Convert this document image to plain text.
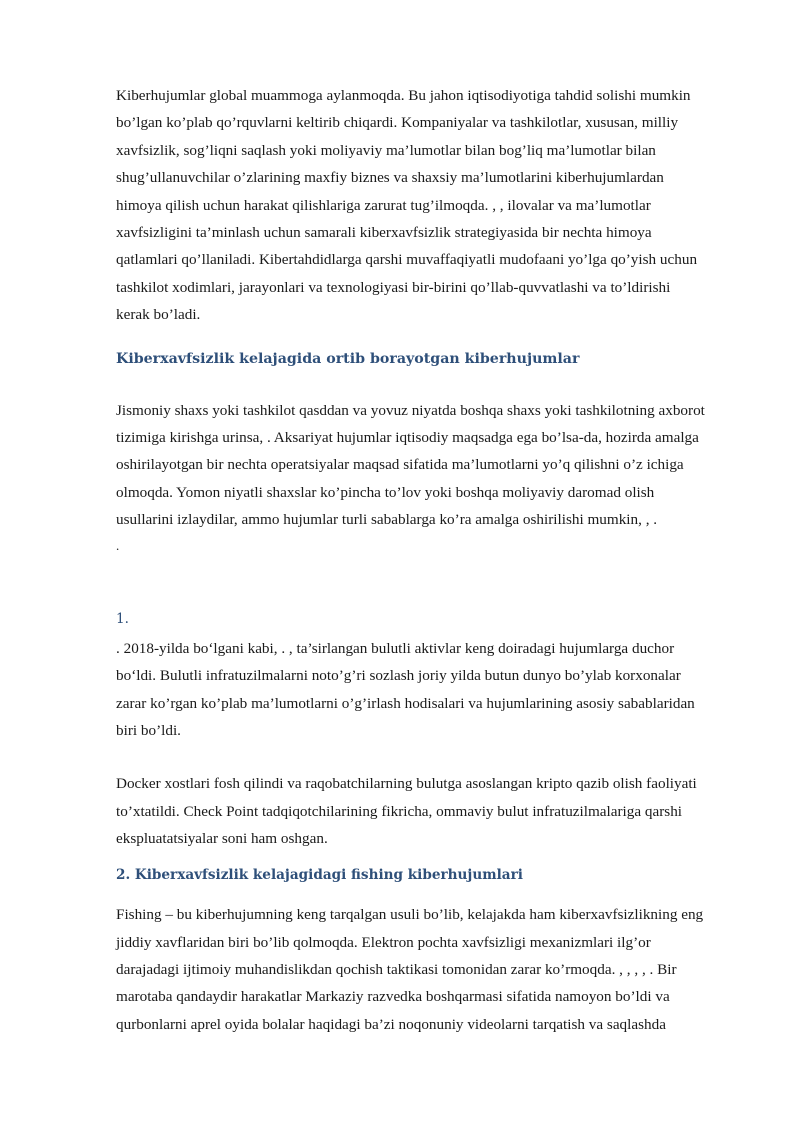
Kiberhujumlar global muammoga aylanmoqda. Bu jahon iqtisodiyotiga tahdid solishi mumkin
bo’lgan ko’plab qo’rquvlarni keltirib chiqardi. Kompaniyalar va tashkilotlar, xususan, milliy
xavfsizlik, sog’liqni saqlash yoki moliyaviy ma’lumotlar bilan bog’liq ma’lumotlar bilan
shug’ullanuvchilar o’zlarining maxfiy biznes va shaxsiy ma’lumotlarini kiberhujumlardan
himoya qilish uchun harakat qilishlariga zarurat tug’ilmoqda. , , ilovalar va ma’lumotlar
xavfsizligini ta’minlash uchun samarali kiberxavfsizlik strategiyasida bir nechta himoya
qatlamlari qo’llaniladi. Kibertahdidlarga qarshi muvaffaqiyatli mudofaani yo’lga qo’yish uchun
tashkilot xodimlari, jarayonlari va texnologiyasi bir-birini qo’llab-quvvatlashi va to’ldirishi
kerak bo’ladi.

Kiberxavfsizlik kelajagida ortib borayotgan kiberhujumlar

Jismoniy shaxs yoki tashkilot qasddan va yovuz niyatda boshqa shaxs yoki tashkilotning axborot
tizimiga kirishga urinsa, . Aksariyat hujumlar iqtisodiy maqsadga ega bo’lsa-da, hozirda amalga
oshirilayotgan bir nechta operatsiyalar maqsad sifatida ma’lumotlarni yo’q qilishni o’z ichiga
olmoqda. Yomon niyatli shaxslar ko’pincha to’lov yoki boshqa moliyaviy daromad olish
usullarini izlaydilar, ammo hujumlar turli sabablarga ko’ra amalga oshirilishi mumkin, , .

.
1.

. 2018-yilda bo‘lgani kabi, . , ta’sirlangan bulutli aktivlar keng doiradagi hujumlarga duchor
bo‘ldi. Bulutli infratuzilmalarni noto’g’ri sozlash joriy yilda butun dunyo bo’ylab korxonalar
zarar ko’rgan ko’plab ma’lumotlarni o’g’irlash hodisalari va hujumlarining asosiy sabablaridan
biri bo’ldi.

Docker xostlari fosh qilindi va raqobatchilarning bulutga asoslangan kripto qazib olish faoliyati
to’xtatildi. Check Point tadqiqotchilarining fikricha, ommaviy bulut infratuzilmalariga qarshi
ekspluatatsiyalar soni ham oshgan.

2. Kiberxavfsizlik kelajagidagi fishing kiberhujumlari

Fishing – bu kiberhujumning keng tarqalgan usuli bo’lib, kelajakda ham kiberxavfsizlikning eng
jiddiy xavflaridan biri bo’lib qolmoqda. Elektron pochta xavfsizligi mexanizmlari ilg’or
darajadagi ijtimoiy muhandislikdan qochish taktikasi tomonidan zarar ko’rmoqda. , , , , . Bir
marotaba qandaydir harakatlar Markaziy razvedka boshqarmasi sifatida namoyon bo’ldi va
qurbonlarni aprel oyida bolalar haqidagi ba’zi noqonuniy videolarni tarqatish va saqlashda
